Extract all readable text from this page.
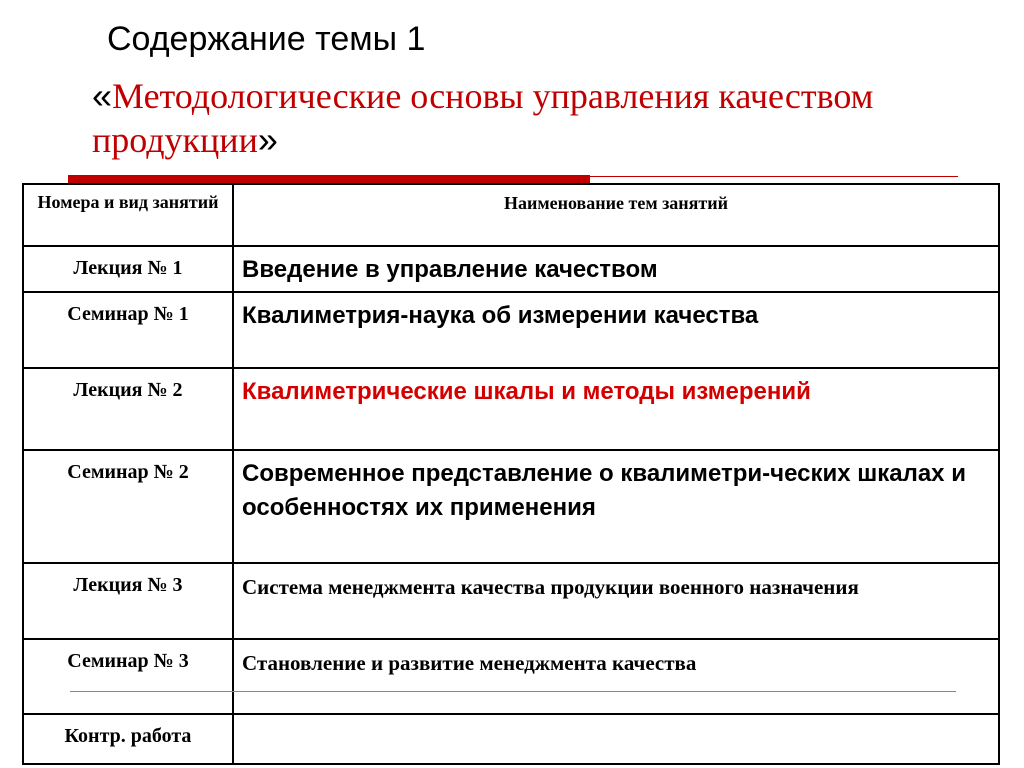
Содержание темы 1
«Методологические основы управления качеством продукции»
Номера и вид занятий	Наименование тем занятий
Лекция № 1	Введение в управление качеством
Семинар № 1	Квалиметрия-наука об измерении качества
Лекция № 2	Квалиметрические шкалы и методы измерений
Семинар № 2	Современное представление о квалиметри-ческих шкалах и особенностях их применения
Лекция № 3	Система менеджмента качества продукции военного назначения
Семинар № 3	Становление и развитие менеджмента качества
Контр. работа	
